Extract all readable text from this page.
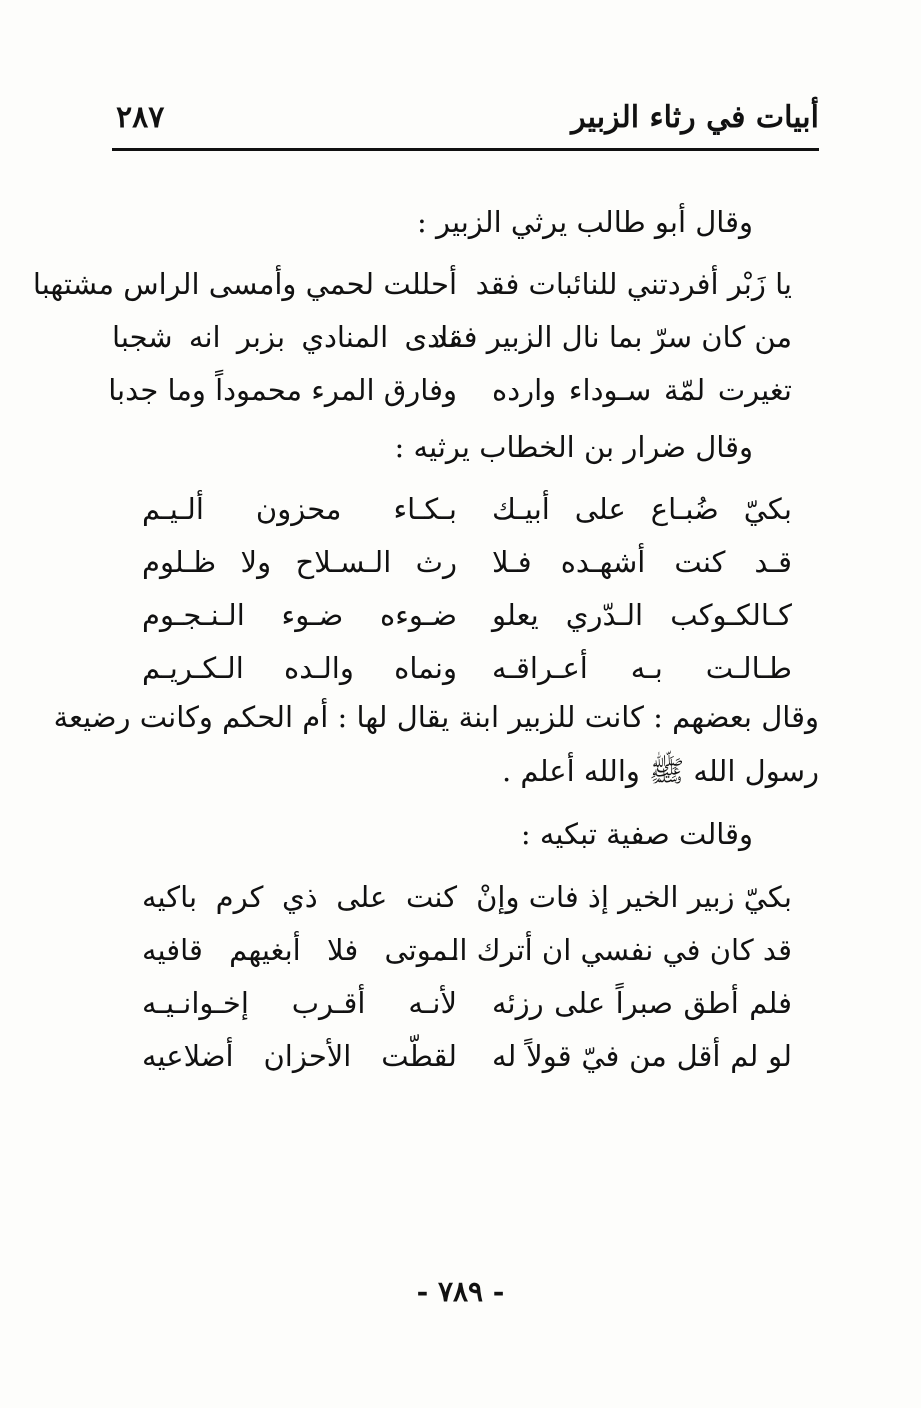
أبيات في رثاء الزبير
٢٨٧
وقال أبو طالب يرثي الزبير :
يا زَبْر أفردتني للنائبات فقد
أحللت لحمي وأمسى الراس مشتهبا
من كان سرّ بما نال الزبير فقد
نادى المنادي بزبر انه شجبا
تغيرت لمّة سـوداء وارده
وفارق المرء محموداً وما جدبا
وقال ضرار بن الخطاب يرثيه :
بكيّ ضُبـاع على أبيـك
بـكـاء محزون ألـيـم
قـد كنت أشهـده فـلا
رث الـسـلاح ولا ظـلوم
كـالكـوكب الـدّري يعلو
ضـوءه ضـوء الـنـجـوم
طـالـت بـه أعـراقـه
ونماه والـده الـكـريـم
وقال بعضهم : كانت للزبير ابنة يقال لها : أم الحكم وكانت رضيعة
رسول الله ﷺ والله أعلم .
وقالت صفية تبكيه :
بكيّ زبير الخير إذ فات وإنْ
كنت على ذي كرم باكيه
قد كان في نفسي ان أترك الـ
ـموتى فلا أبغيهم قافيه
فلم أطق صبراً على رزئه
لأنـه أقـرب إخـوانـيـه
لو لم أقل من فيّ قولاً له
لقطّت الأحزان أضلاعيه
- ٧٨٩ -
